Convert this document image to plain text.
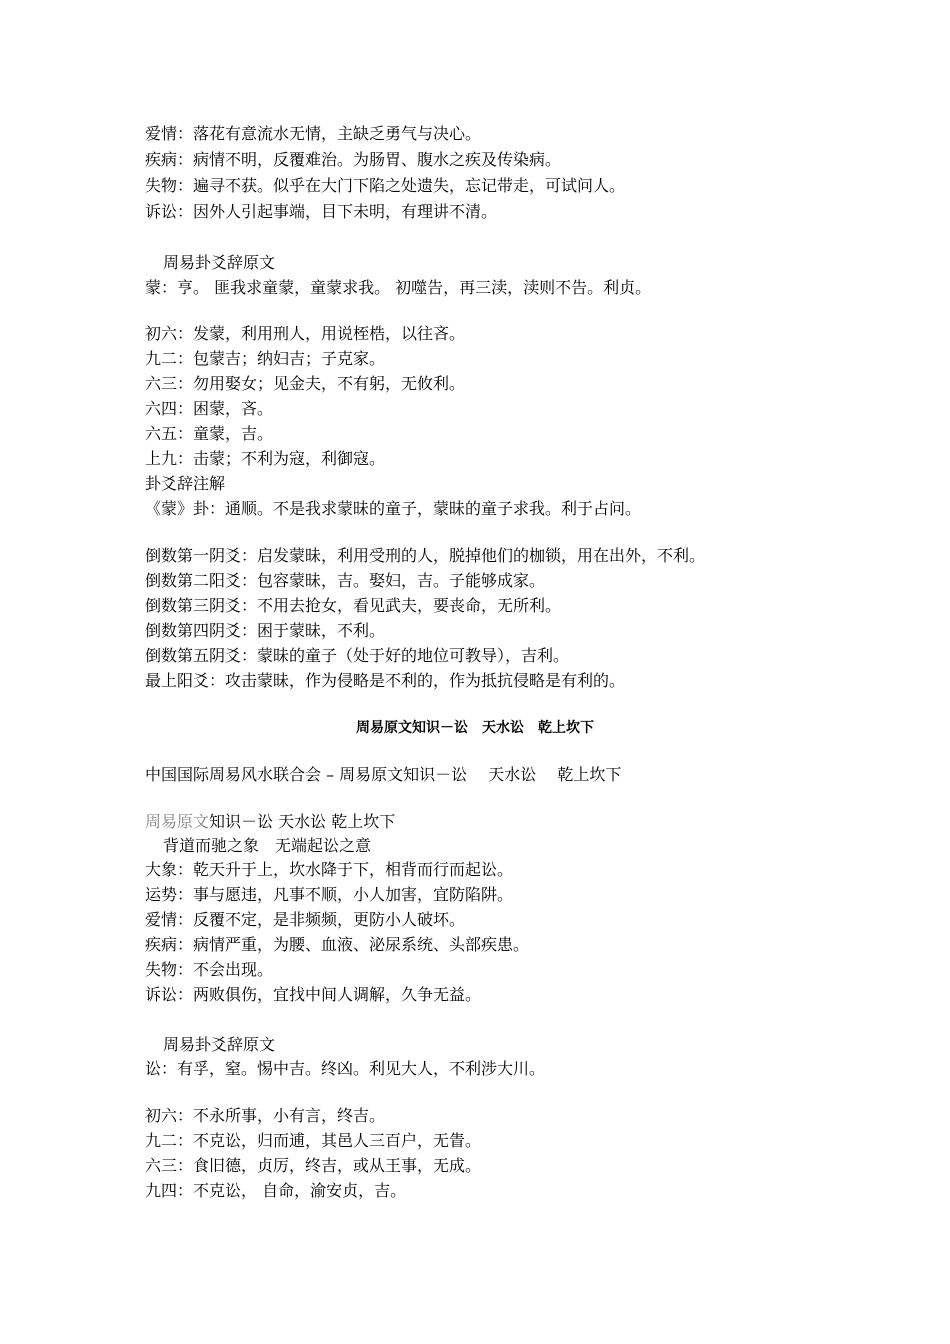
爱情：落花有意流水无情，主缺乏勇气与决心。
疾病：病情不明，反覆难治。为肠胃、腹水之疾及传染病。
失物：遍寻不获。似乎在大门下陷之处遗失，忘记带走，可试问人。
诉讼：因外人引起事端，目下未明，有理讲不清。
周易卦爻辞原文
蒙：亨。 匪我求童蒙，童蒙求我。 初噬告，再三渎，渎则不告。利贞。
初六：发蒙，利用刑人，用说桎梏，以往吝。
九二：包蒙吉；纳妇吉；子克家。
六三：勿用娶女；见金夫，不有躬，无攸利。
六四：困蒙，吝。
六五：童蒙，吉。
上九：击蒙；不利为寇，利御寇。
卦爻辞注解
《蒙》卦：通顺。不是我求蒙昧的童子，蒙昧的童子求我。利于占问。
倒数第一阴爻：启发蒙昧，利用受刑的人，脱掉他们的枷锁，用在出外，不利。
倒数第二阳爻：包容蒙昧，吉。娶妇，吉。子能够成家。
倒数第三阴爻：不用去抢女，看见武夫，要丧命，无所利。
倒数第四阴爻：困于蒙昧，不利。
倒数第五阴爻：蒙昧的童子（处于好的地位可教导），吉利。
最上阳爻：攻击蒙昧，作为侵略是不利的，作为抵抗侵略是有利的。
周易原文知识－讼　天水讼　乾上坎下
中国国际周易风水联合会 – 周易原文知识－讼　 天水讼　 乾上坎下
周易原文知识－讼 天水讼 乾上坎下
背道而驰之象　无端起讼之意
大象：乾天升于上，坎水降于下，相背而行而起讼。
运势：事与愿违，凡事不顺，小人加害，宜防陷阱。
爱情：反覆不定，是非频频，更防小人破坏。
疾病：病情严重，为腰、血液、泌尿系统、头部疾患。
失物：不会出现。
诉讼：两败俱伤，宜找中间人调解，久争无益。
周易卦爻辞原文
讼：有孚，窒。惕中吉。终凶。利见大人，不利涉大川。
初六：不永所事，小有言，终吉。
九二：不克讼，归而逋，其邑人三百户，无眚。
六三：食旧德，贞厉，终吉，或从王事，无成。
九四：不克讼， 自命，渝安贞，吉。
